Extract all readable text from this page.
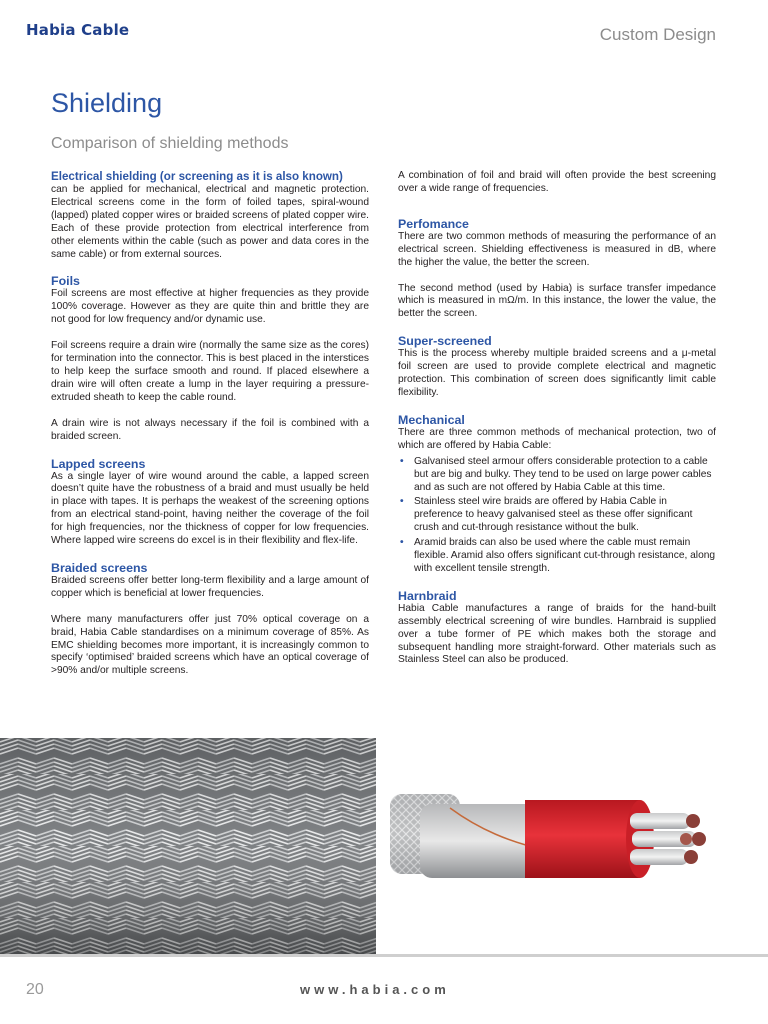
Habia Cable	Custom Design
Shielding
Comparison of shielding methods
Electrical shielding (or screening as it is also known)

can be applied for mechanical, electrical and magnetic protection. Electrical screens come in the form of foiled tapes, spiral-wound (lapped) plated copper wires or braided screens of plated copper wire. Each of these provide protection from electrical interference from other elements within the cable (such as power and data cores in the same cable) or from external sources.

Foils

Foil screens are most effective at higher frequencies as they provide 100% coverage. However as they are quite thin and brittle they are not good for low frequency and/or dynamic use.

Foil screens require a drain wire (normally the same size as the cores) for termination into the connector. This is best placed in the interstices to help keep the surface smooth and round. If placed elsewhere a drain wire will often create a lump in the layer requiring a pressure-extruded sheath to keep the cable round.

A drain wire is not always necessary if the foil is combined with a braided screen.

Lapped screens

As a single layer of wire wound around the cable, a lapped screen doesn’t quite have the robustness of a braid and must usually be held in place with tapes. It is perhaps the weakest of the screening options from an electrical stand-point, having neither the coverage of the foil for high frequencies, nor the thickness of copper for low frequencies. Where lapped wire screens do excel is in their flexibility and flex-life.

Braided screens

Braided screens offer better long-term flexibility and a large amount of copper which is beneficial at lower frequencies.

Where many manufacturers offer just 70% optical coverage on a braid, Habia Cable standardises on a minimum coverage of 85%. As EMC shielding becomes more important, it is increasingly common to specify ‘optimised’ braided screens which have an optical coverage of >90% and/or multiple screens.

A combination of foil and braid will often provide the best screening over a wide range of frequencies.

Perfomance

There are two common methods of measuring the performance of an electrical screen. Shielding effectiveness is measured in dB, where the higher the value, the better the screen.

The second method (used by Habia) is surface transfer impedance which is measured in mΩ/m. In this instance, the lower the value, the better the screen.

Super-screened

This is the process whereby multiple braided screens and a μ-metal foil screen are used to provide complete electrical and magnetic protection. This combination of screen does significantly limit cable flexibility.

Mechanical

There are three common methods of mechanical protection, two of which are offered by Habia Cable:

• Galvanised steel armour offers considerable protection to a cable but are big and bulky. They tend to be used on large power cables and as such are not offered by Habia Cable at this time.
• Stainless steel wire braids are offered by Habia Cable in preference to heavy galvanised steel as these offer significant crush and cut-through resistance without the bulk.
• Aramid braids can also be used where the cable must remain flexible. Aramid also offers significant cut-through resistance, along with excellent tensile strength.
Harnbraid

Habia Cable manufactures a range of braids for the hand-built assembly electrical screening of wire bundles. Harnbraid is supplied over a tube former of PE which makes both the storage and subsequent handling more straight-forward. Other materials such as Stainless Steel can also be produced.

20	www.habia.com
